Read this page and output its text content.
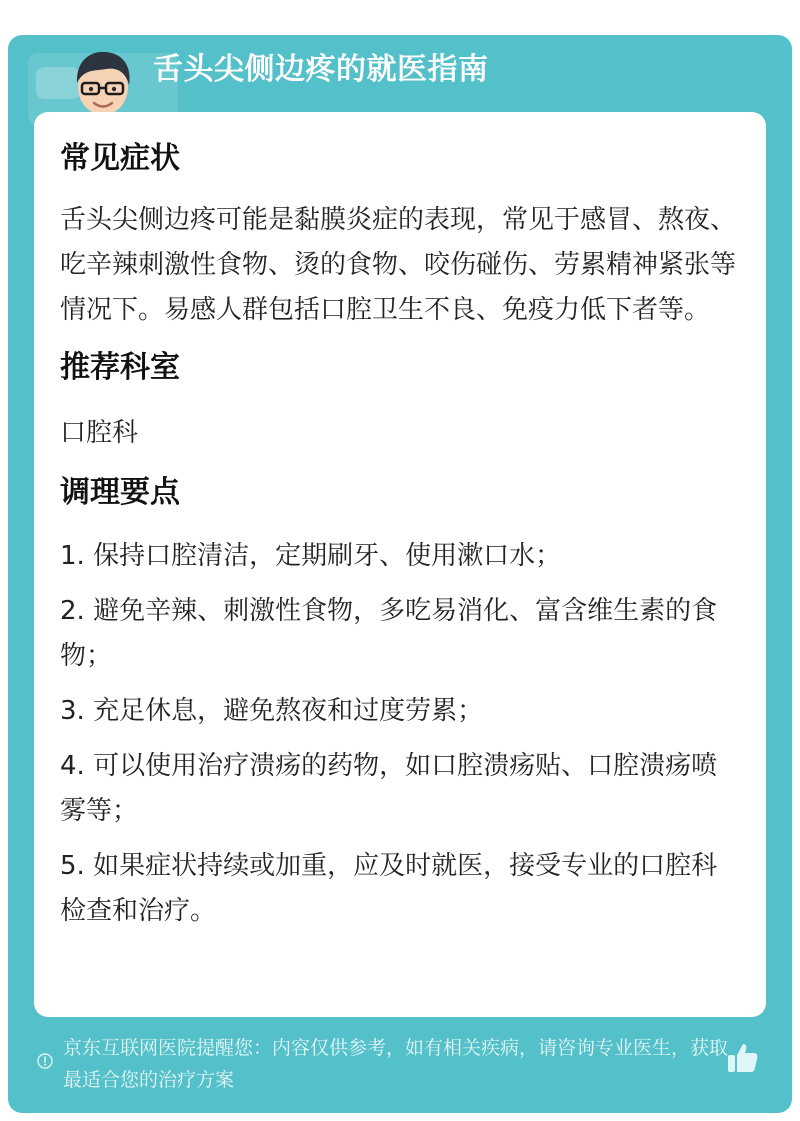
舌头尖侧边疼的就医指南
常见症状

舌头尖侧边疼可能是黏膜炎症的表现，常见于感冒、熬夜、吃辛辣刺激性食物、烫的食物、咬伤碰伤、劳累精神紧张等情况下。易感人群包括口腔卫生不良、免疫力低下者等。

推荐科室

口腔科

调理要点
1. 保持口腔清洁，定期刷牙、使用漱口水；
2. 避免辛辣、刺激性食物，多吃易消化、富含维生素的食物；
3. 充足休息，避免熬夜和过度劳累；
4. 可以使用治疗溃疡的药物，如口腔溃疡贴、口腔溃疡喷雾等；
5. 如果症状持续或加重，应及时就医，接受专业的口腔科检查和治疗。
京东互联网医院提醒您：内容仅供参考，如有相关疾病，请咨询专业医生，获取最适合您的治疗方案
